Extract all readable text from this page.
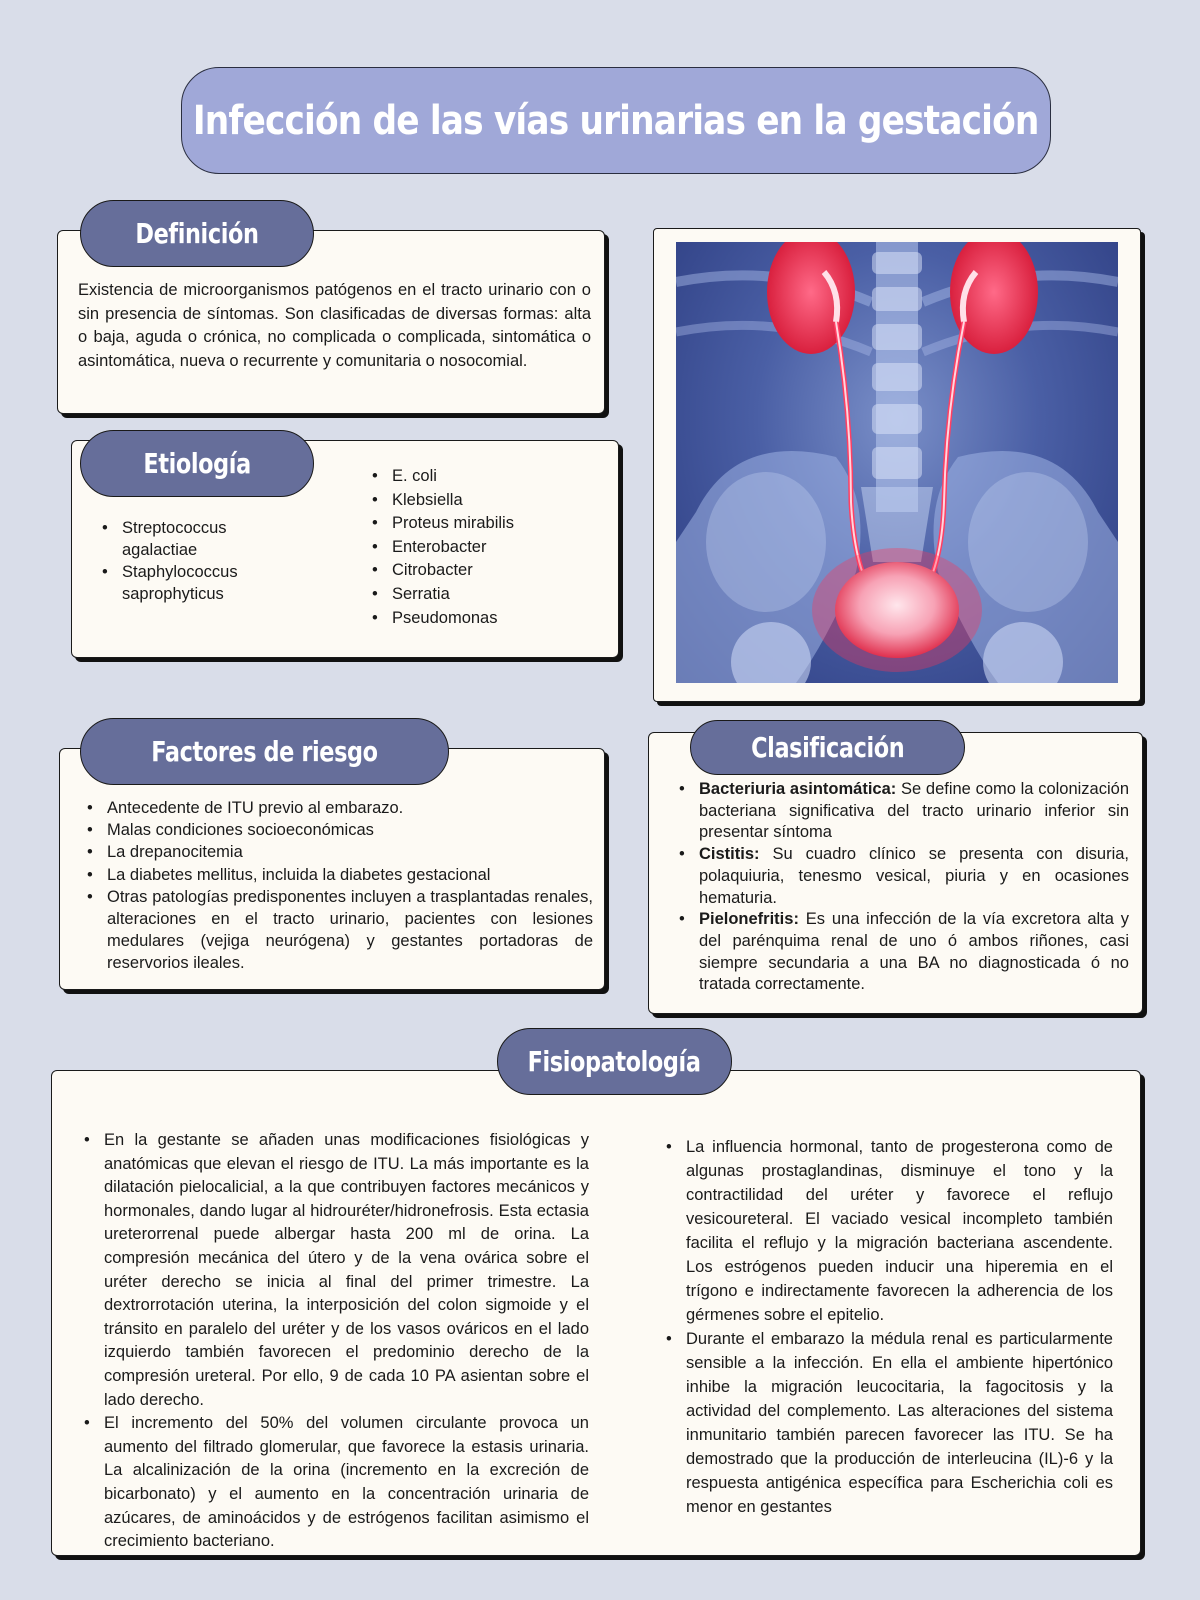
Infección de las vías urinarias en la gestación
Existencia de microorganismos patógenos en el tracto urinario con o sin presencia de síntomas. Son clasificadas de diversas formas: alta o baja, aguda o crónica, no complicada o complicada, sintomática o asintomática, nueva o recurrente y comunitaria o nosocomial.
Definición
• Streptococcus agalactiae
• Staphylococcus saprophyticus
• E. coli
• Klebsiella
• Proteus mirabilis
• Enterobacter
• Citrobacter
• Serratia
• Pseudomonas
Etiología
• Antecedente de ITU previo al embarazo.
• Malas condiciones socioeconómicas
• La drepanocitemia
• La diabetes mellitus, incluida la diabetes gestacional
• Otras patologías predisponentes incluyen a trasplantadas renales, alteraciones en el tracto urinario, pacientes con lesiones medulares (vejiga neurógena) y gestantes portadoras de reservorios ileales.
Factores de riesgo
• Bacteriuria asintomática: Se define como la colonización bacteriana significativa del tracto urinario inferior sin presentar síntoma
• Cistitis: Su cuadro clínico se presenta con disuria, polaquiuria, tenesmo vesical, piuria y en ocasiones hematuria.
• Pielonefritis: Es una infección de la vía excretora alta y del parénquima renal de uno ó ambos riñones, casi siempre secundaria a una BA no diagnosticada ó no tratada correctamente.
Clasificación
• En la gestante se añaden unas modificaciones fisiológicas y anatómicas que elevan el riesgo de ITU. La más importante es la dilatación pielocalicial, a la que contribuyen factores mecánicos y hormonales, dando lugar al hidrouréter/hidronefrosis. Esta ectasia ureterorrenal puede albergar hasta 200 ml de orina. La compresión mecánica del útero y de la vena ovárica sobre el uréter derecho se inicia al final del primer trimestre. La dextrorrotación uterina, la interposición del colon sigmoide y el tránsito en paralelo del uréter y de los vasos ováricos en el lado izquierdo también favorecen el predominio derecho de la compresión ureteral. Por ello, 9 de cada 10 PA asientan sobre el lado derecho.
• El incremento del 50% del volumen circulante provoca un aumento del filtrado glomerular, que favorece la estasis urinaria. La alcalinización de la orina (incremento en la excreción de bicarbonato) y el aumento en la concentración urinaria de azúcares, de aminoácidos y de estrógenos facilitan asimismo el crecimiento bacteriano.
• La influencia hormonal, tanto de progesterona como de algunas prostaglandinas, disminuye el tono y la contractilidad del uréter y favorece el reflujo vesicoureteral. El vaciado vesical incompleto también facilita el reflujo y la migración bacteriana ascendente. Los estrógenos pueden inducir una hiperemia en el trígono e indirectamente favorecen la adherencia de los gérmenes sobre el epitelio.
• Durante el embarazo la médula renal es particularmente sensible a la infección. En ella el ambiente hipertónico inhibe la migración leucocitaria, la fagocitosis y la actividad del complemento. Las alteraciones del sistema inmunitario también parecen favorecer las ITU. Se ha demostrado que la producción de interleucina (IL)-6 y la respuesta antigénica específica para Escherichia coli es menor en gestantes
Fisiopatología
